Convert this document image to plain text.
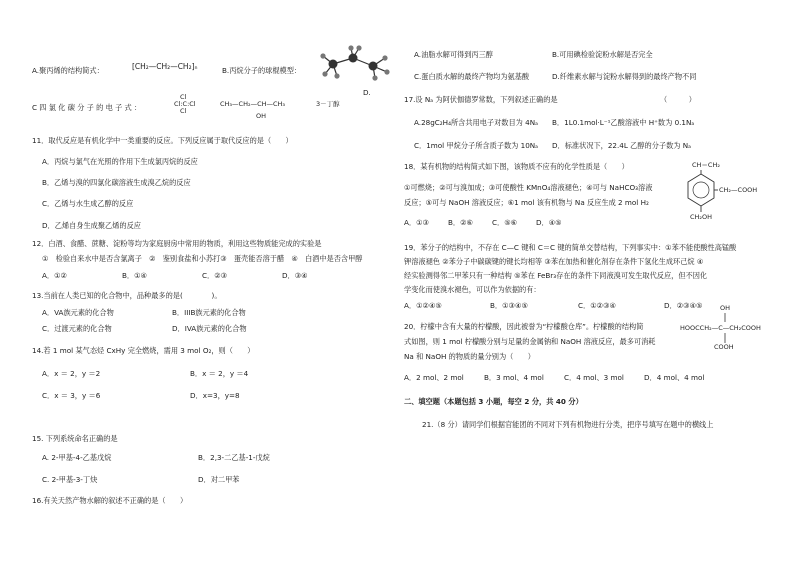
A.聚丙烯的结构简式：	[CH₂—CH₂—CH₂]ₙ	B.丙烷分子的球棍模型：
C 四 氯 化 碳 分 子 的 电 子 式 ：
Cl
Cl:C:Cl
Cl
CH₃—CH₂—CH—CH₃
OH
3－丁醇
D.
11．取代反应是有机化学中一类重要的反应。下列反应属于取代反应的是（　　）
A．丙烷与氯气在光照的作用下生成氯丙烷的反应
B．乙烯与溴的四氯化碳溶液生成溴乙烷的反应
C．乙烯与水生成乙醇的反应
D．乙烯自身生成聚乙烯的反应
12．白酒、食醋、蔗糖、淀粉等均为家庭厨房中常用的物质，利用这些物质能完成的实验是
①　检验自来水中是否含氯离子　②　鉴别食盐和小苏打③　蛋壳能否溶于醋　④　白酒中是否含甲醇
A．①②	B．①④	C．②③	D．③④
13.当前在人类已知的化合物中，品种最多的是(　　　　)。
A．VA族元素的化合物	B．IIIB族元素的化合物
C．过渡元素的化合物	D．IVA族元素的化合物
14.若 1 mol 某气态烃 CxHy 完全燃烧，需用 3 mol O₂，则（　　）
A．x ＝ 2，y ＝2	B．x ＝ 2，y ＝4
C．x ＝ 3，y ＝6	D．x=3，y=8
15. 下列系统命名正确的是
A. 2-甲基-4-乙基戊烷	B．2,3-二乙基-1-戊烷
C. 2-甲基-3-丁炔	D．对二甲苯
16.有关天然产物水解的叙述不正确的是（　　）
A.油脂水解可得到丙三醇	B.可用碘检验淀粉水解是否完全
C.蛋白质水解的最终产物均为氨基酸	D.纤维素水解与淀粉水解得到的最终产物不同
17.设 Nₐ 为阿伏伽德罗常数，下列叙述正确的是	（　　　）
A.28gC₂H₄所含共用电子对数目为 4Nₐ B．1L0.1mol·L⁻¹乙酸溶液中 H⁺数为 0.1Nₐ
C．1mol 甲烷分子所含质子数为 10Nₐ D．标准状况下，22.4L 乙醇的分子数为 Nₐ
18．某有机物的结构简式如下图，该物质不应有的化学性质是（　　）
①可燃烧；②可与溴加成；③可使酸性 KMnO₄溶液褪色；④可与 NaHCO₃溶液
反应；⑤可与 NaOH 溶液反应；⑥1 mol 该有机物与 Na 反应生成 2 mol H₂
A．①③	B．②⑥	C．⑤⑥	D．④⑤
CH＝CH₂
CH₂—COOH
CH₂OH
19．苯分子的结构中，不存在 C—C 键和 C＝C 键的简单交替结构，下列事实中：①苯不能使酸性高锰酸
钾溶液褪色 ②苯分子中碳碳键的键长均相等 ③苯在加热和催化剂存在条件下氢化生成环己烷 ④
经实验测得邻二甲苯只有一种结构 ⑤苯在 FeBr₃存在的条件下同液溴可发生取代反应，但不因化
学变化而使溴水褪色，可以作为依据的有：
A．①②④⑤	B．①③④⑤	C．①②③④	D．②③④⑤
20．柠檬中含有大量的柠檬酸，因此被誉为“柠檬酸仓库”。柠檬酸的结构简
式如图，则 1 mol 柠檬酸分别与足量的金属钠和 NaOH 溶液反应，最多可消耗
Na 和 NaOH 的物质的量分别为（　　）
A．2 mol、2 mol	B．3 mol、4 mol	C．4 mol、3 mol	D．4 mol、4 mol
OH
HOOCCH₂—C—CH₂COOH
COOH
二、填空题（本题包括 3 小题，每空 2 分，共 40 分）
21.（8 分）请同学们根据官能团的不同对下列有机物进行分类，把序号填写在题中的横线上
